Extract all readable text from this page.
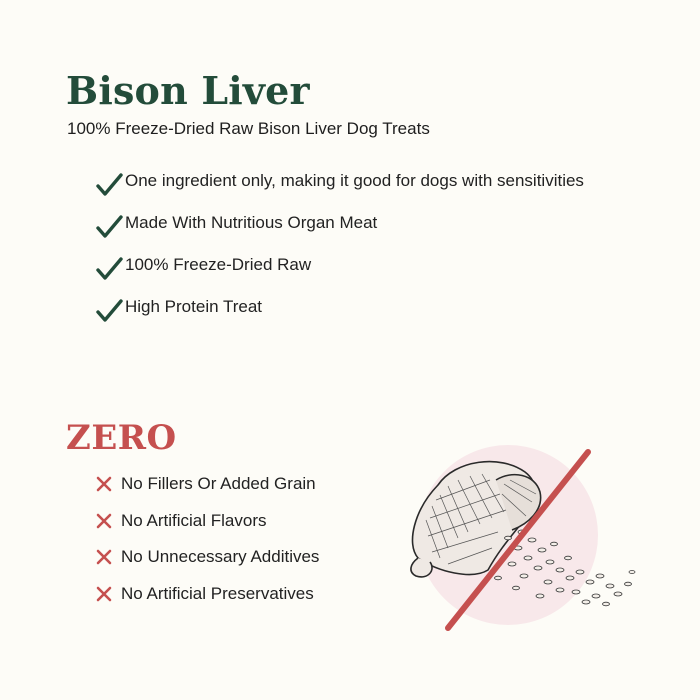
Bison Liver

100% Freeze-Dried Raw Bison Liver Dog Treats

One ingredient only, making it good for dogs with sensitivities
Made With Nutritious Organ Meat
100% Freeze-Dried Raw
High Protein Treat
ZERO
No Fillers Or Added Grain
No Artificial Flavors
No Unnecessary Additives
No Artificial Preservatives
